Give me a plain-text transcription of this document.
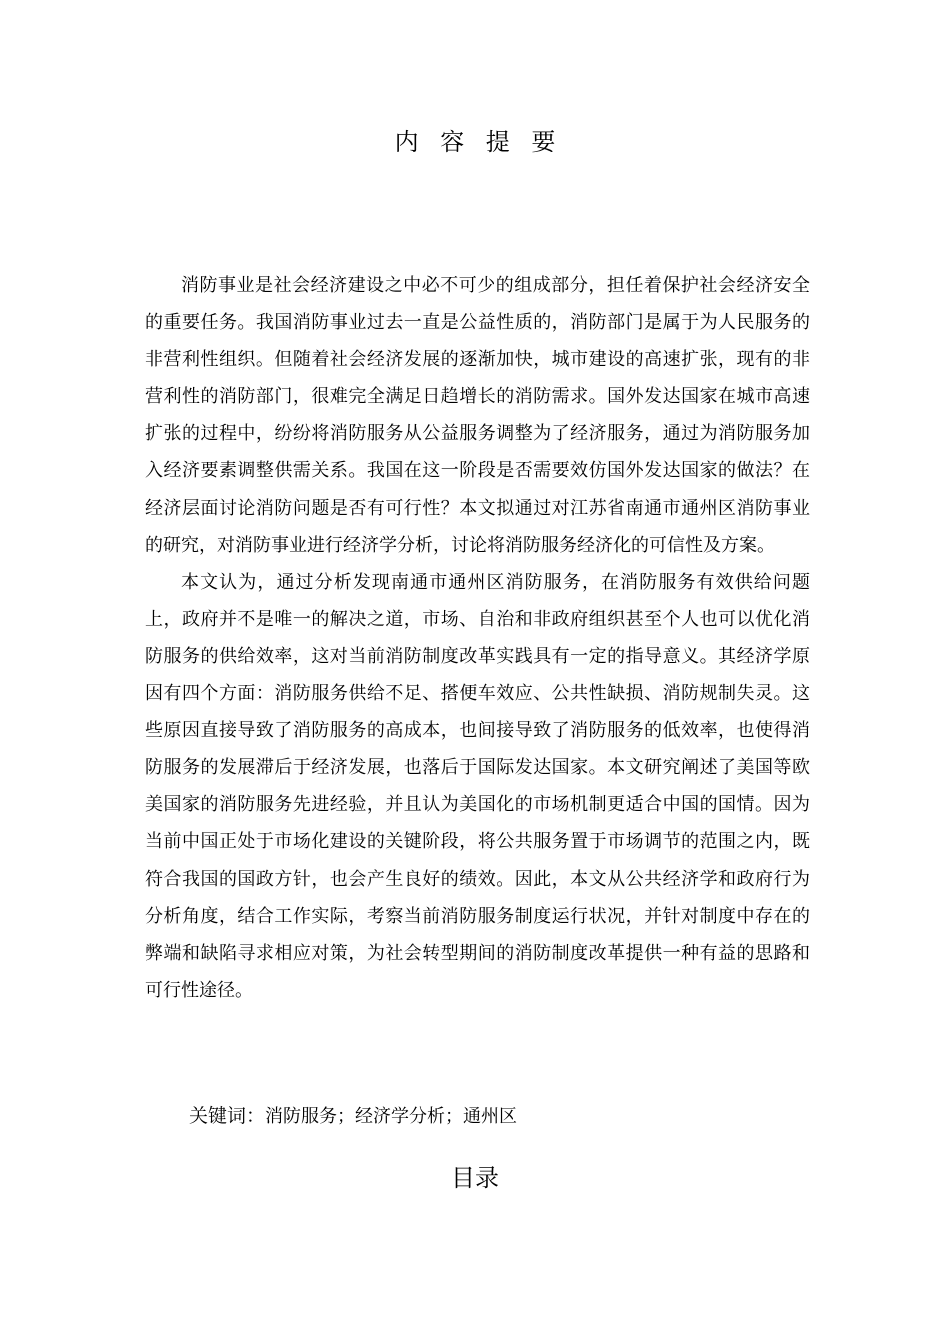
内容提要

消防事业是社会经济建设之中必不可少的组成部分，担任着保护社会经济安全的重要任务。我国消防事业过去一直是公益性质的，消防部门是属于为人民服务的非营利性组织。但随着社会经济发展的逐渐加快，城市建设的高速扩张，现有的非营利性的消防部门，很难完全满足日趋增长的消防需求。国外发达国家在城市高速扩张的过程中，纷纷将消防服务从公益服务调整为了经济服务，通过为消防服务加入经济要素调整供需关系。我国在这一阶段是否需要效仿国外发达国家的做法？在经济层面讨论消防问题是否有可行性？本文拟通过对江苏省南通市通州区消防事业的研究，对消防事业进行经济学分析，讨论将消防服务经济化的可信性及方案。

本文认为，通过分析发现南通市通州区消防服务，在消防服务有效供给问题上，政府并不是唯一的解决之道，市场、自治和非政府组织甚至个人也可以优化消防服务的供给效率，这对当前消防制度改革实践具有一定的指导意义。其经济学原因有四个方面：消防服务供给不足、搭便车效应、公共性缺损、消防规制失灵。这些原因直接导致了消防服务的高成本，也间接导致了消防服务的低效率，也使得消防服务的发展滞后于经济发展，也落后于国际发达国家。本文研究阐述了美国等欧美国家的消防服务先进经验，并且认为美国化的市场机制更适合中国的国情。因为当前中国正处于市场化建设的关键阶段，将公共服务置于市场调节的范围之内，既符合我国的国政方针，也会产生良好的绩效。因此，本文从公共经济学和政府行为分析角度，结合工作实际，考察当前消防服务制度运行状况，并针对制度中存在的弊端和缺陷寻求相应对策，为社会转型期间的消防制度改革提供一种有益的思路和可行性途径。

关键词：消防服务；经济学分析；通州区
目录
